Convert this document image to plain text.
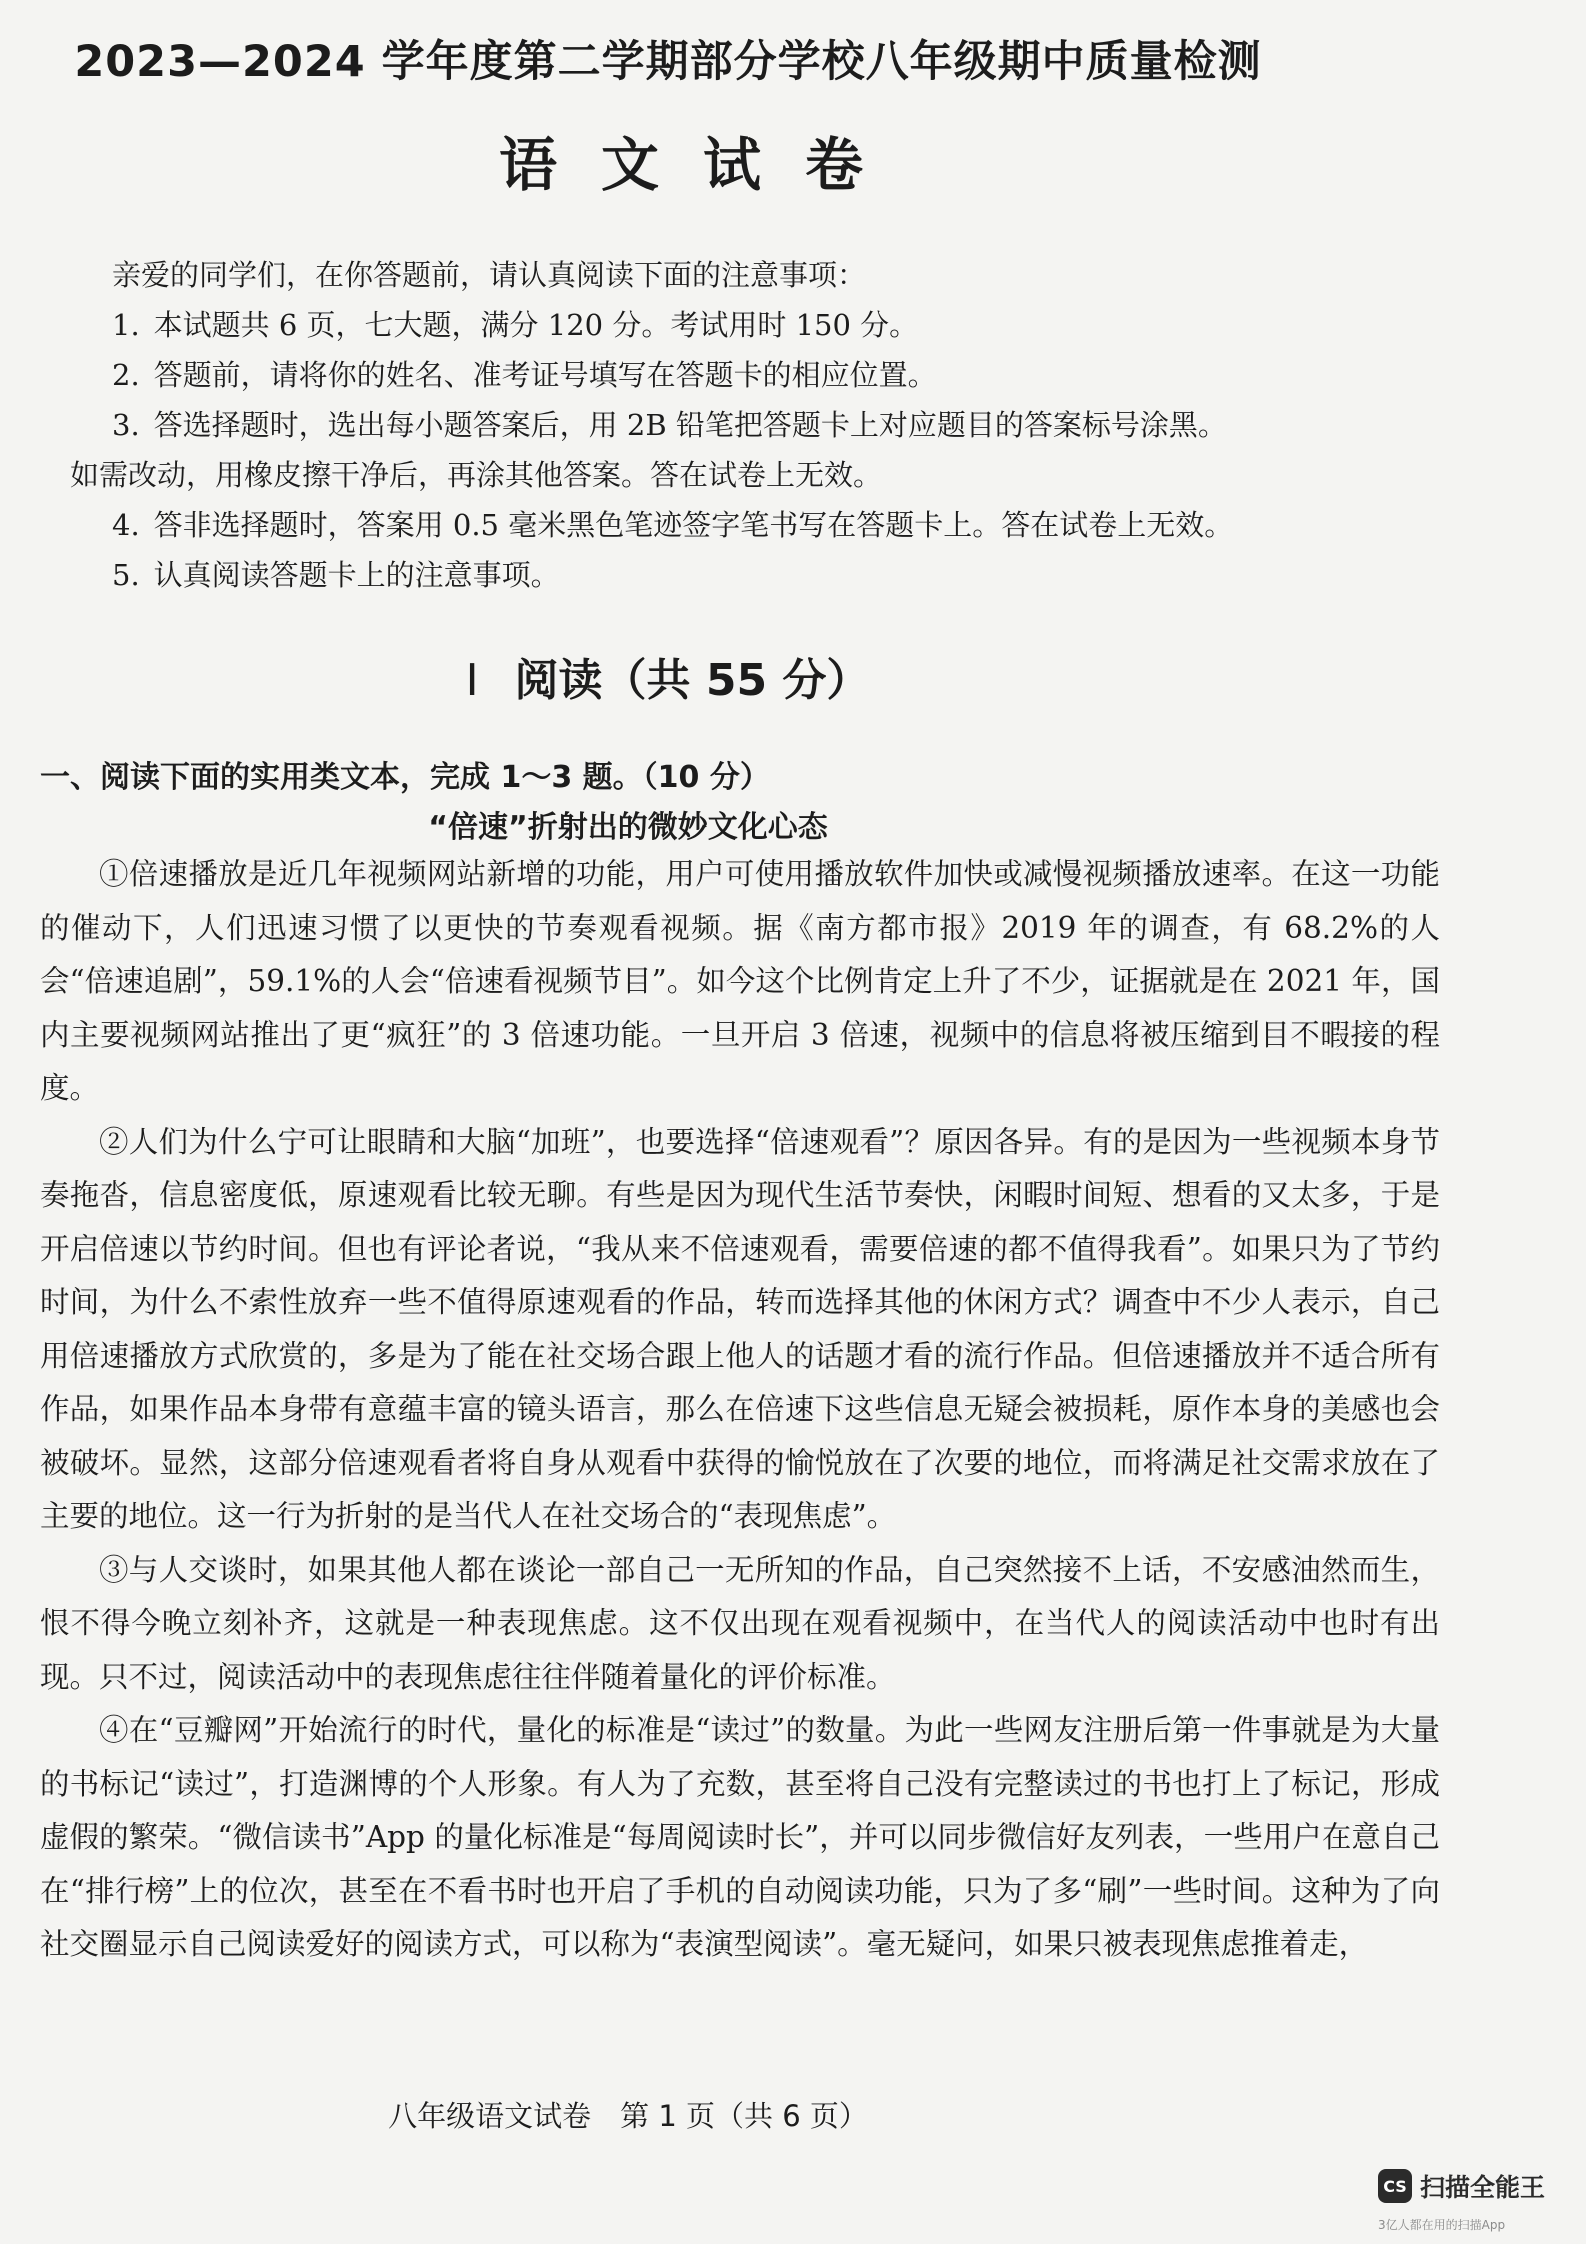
2023—2024 学年度第二学期部分学校八年级期中质量检测
语文试卷

亲爱的同学们，在你答题前，请认真阅读下面的注意事项：

1. 本试题共 6 页，七大题，满分 120 分。考试用时 150 分。

2. 答题前，请将你的姓名、准考证号填写在答题卡的相应位置。

3. 答选择题时，选出每小题答案后，用 2B 铅笔把答题卡上对应题目的答案标号涂黑。

如需改动，用橡皮擦干净后，再涂其他答案。答在试卷上无效。

4. 答非选择题时，答案用 0.5 毫米黑色笔迹签字笔书写在答题卡上。答在试卷上无效。

5. 认真阅读答题卡上的注意事项。

I 阅读（共 55 分）
一、阅读下面的实用类文本，完成 1～3 题。（10 分）
“倍速”折射出的微妙文化心态

①倍速播放是近几年视频网站新增的功能，用户可使用播放软件加快或减慢视频播放速率。在这一功能的催动下，人们迅速习惯了以更快的节奏观看视频。据《南方都市报》2019 年的调查，有 68.2%的人会“倍速追剧”，59.1%的人会“倍速看视频节目”。如今这个比例肯定上升了不少，证据就是在 2021 年，国内主要视频网站推出了更“疯狂”的 3 倍速功能。一旦开启 3 倍速，视频中的信息将被压缩到目不暇接的程度。

②人们为什么宁可让眼睛和大脑“加班”，也要选择“倍速观看”？原因各异。有的是因为一些视频本身节奏拖沓，信息密度低，原速观看比较无聊。有些是因为现代生活节奏快，闲暇时间短、想看的又太多，于是开启倍速以节约时间。但也有评论者说，“我从来不倍速观看，需要倍速的都不值得我看”。如果只为了节约时间，为什么不索性放弃一些不值得原速观看的作品，转而选择其他的休闲方式？调查中不少人表示，自己用倍速播放方式欣赏的，多是为了能在社交场合跟上他人的话题才看的流行作品。但倍速播放并不适合所有作品，如果作品本身带有意蕴丰富的镜头语言，那么在倍速下这些信息无疑会被损耗，原作本身的美感也会被破坏。显然，这部分倍速观看者将自身从观看中获得的愉悦放在了次要的地位，而将满足社交需求放在了主要的地位。这一行为折射的是当代人在社交场合的“表现焦虑”。

③与人交谈时，如果其他人都在谈论一部自己一无所知的作品，自己突然接不上话，不安感油然而生，恨不得今晚立刻补齐，这就是一种表现焦虑。这不仅出现在观看视频中，在当代人的阅读活动中也时有出现。只不过，阅读活动中的表现焦虑往往伴随着量化的评价标准。

④在“豆瓣网”开始流行的时代，量化的标准是“读过”的数量。为此一些网友注册后第一件事就是为大量的书标记“读过”，打造渊博的个人形象。有人为了充数，甚至将自己没有完整读过的书也打上了标记，形成虚假的繁荣。“微信读书”App 的量化标准是“每周阅读时长”，并可以同步微信好友列表，一些用户在意自己在“排行榜”上的位次，甚至在不看书时也开启了手机的自动阅读功能，只为了多“刷”一些时间。这种为了向社交圈显示自己阅读爱好的阅读方式，可以称为“表演型阅读”。毫无疑问，如果只被表现焦虑推着走，

八年级语文试卷　第 1 页（共 6 页）
CS 扫描全能王
3亿人都在用的扫描App
